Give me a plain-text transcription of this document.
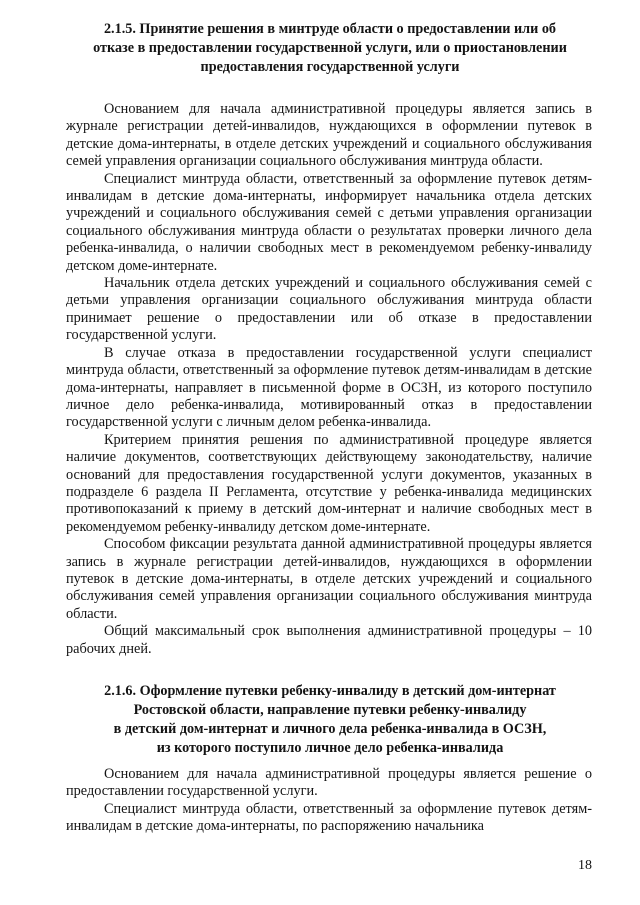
2.1.5. Принятие решения в минтруде области о предоставлении или об
отказе в предоставлении государственной услуги, или о приостановлении
предоставления государственной услуги

Основанием для начала административной процедуры является запись в журнале регистрации детей-инвалидов, нуждающихся в оформлении путевок в детские дома-интернаты, в отделе детских учреждений и социального обслуживания семей управления организации социального обслуживания минтруда области.

Специалист минтруда области, ответственный за оформление путевок детям-инвалидам в детские дома-интернаты, информирует начальника отдела детских учреждений и социального обслуживания семей с детьми управления организации социального обслуживания минтруда области о результатах проверки личного дела ребенка-инвалида, о наличии свободных мест в рекомендуемом ребенку-инвалиду детском доме-интернате.

Начальник отдела детских учреждений и социального обслуживания семей с детьми управления организации социального обслуживания минтруда области принимает решение о предоставлении или об отказе в предоставлении государственной услуги.

В случае отказа в предоставлении государственной услуги специалист минтруда области, ответственный за оформление путевок детям-инвалидам в детские дома-интернаты, направляет в письменной форме в ОСЗН, из которого поступило личное дело ребенка-инвалида, мотивированный отказ в предоставлении государственной услуги с личным делом ребенка-инвалида.

Критерием принятия решения по административной процедуре является наличие документов, соответствующих действующему законодательству, наличие оснований для предоставления государственной услуги документов, указанных в подразделе 6 раздела II Регламента, отсутствие у ребенка-инвалида медицинских противопоказаний к приему в детский дом-интернат и наличие свободных мест в рекомендуемом ребенку-инвалиду детском доме-интернате.

Способом фиксации результата данной административной процедуры является запись в журнале регистрации детей-инвалидов, нуждающихся в оформлении путевок в детские дома-интернаты, в отделе детских учреждений и социального обслуживания семей управления организации социального обслуживания минтруда области.

Общий максимальный срок выполнения административной процедуры – 10 рабочих дней.

2.1.6. Оформление путевки ребенку-инвалиду в детский дом-интернат
Ростовской области, направление путевки ребенку-инвалиду
в детский дом-интернат и личного дела ребенка-инвалида в ОСЗН,
из которого поступило личное дело ребенка-инвалида

Основанием для начала административной процедуры является решение о предоставлении государственной услуги.

Специалист минтруда области, ответственный за оформление путевок детям-инвалидам в детские дома-интернаты, по распоряжению начальника

18
